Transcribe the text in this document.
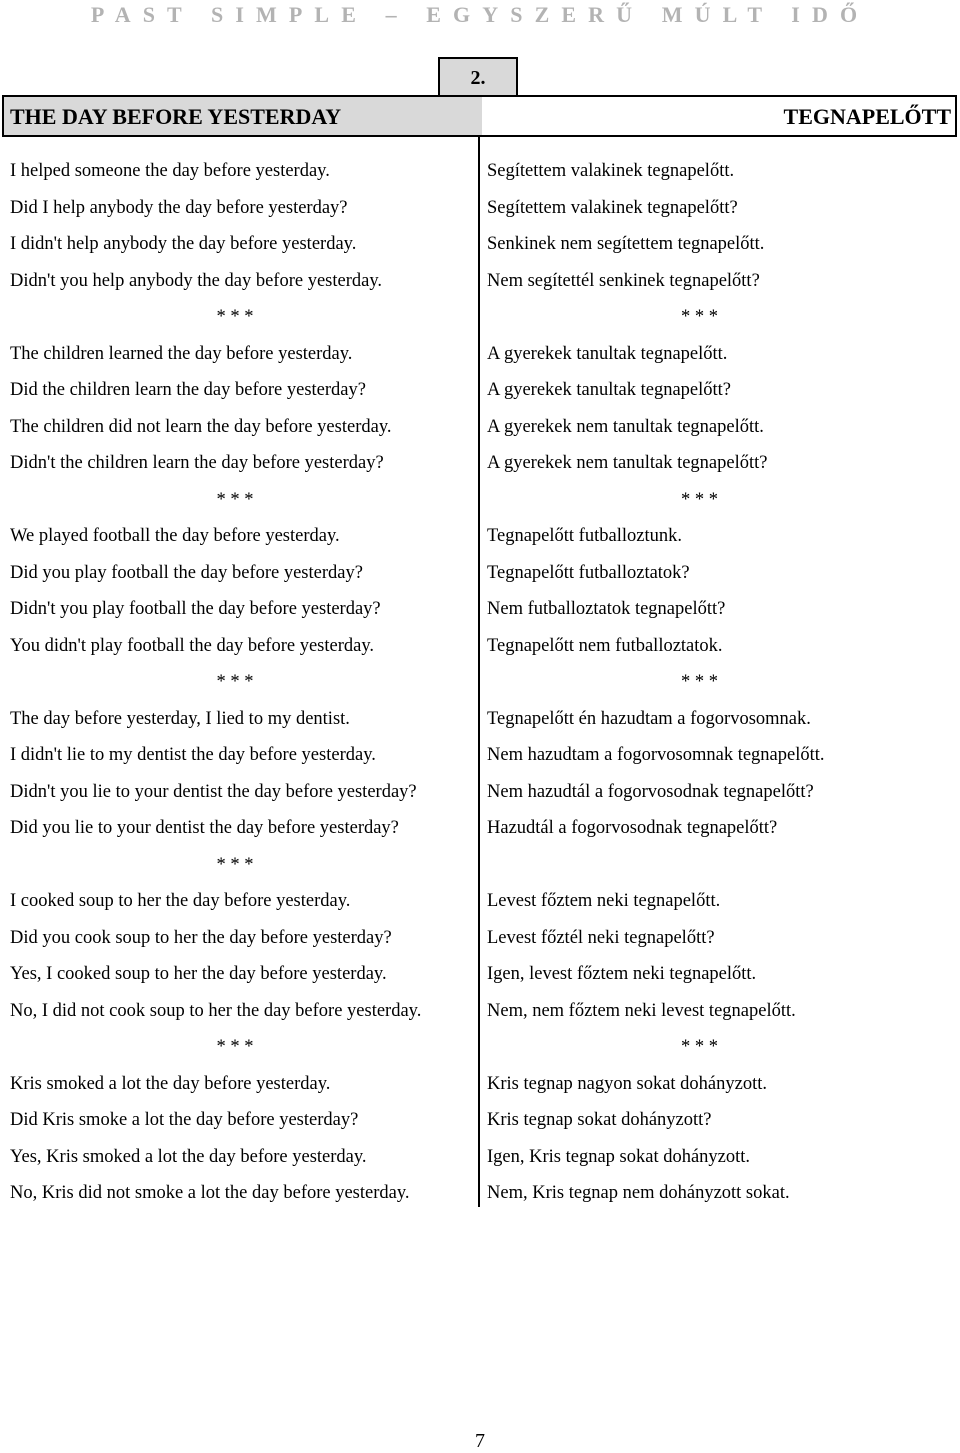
PAST SIMPLE – EGYSZERŰ MÚLT IDŐ
2.
THE DAY BEFORE YESTERDAY	TEGNAPELŐTT
I helped someone the day before yesterday.
Did I help anybody the day before yesterday?
I didn't help anybody the day before yesterday.
Didn't you help anybody the day before yesterday.
* * *
The children learned the day before yesterday.
Did the children learn the day before yesterday?
The children did not learn the day before yesterday.
Didn't the children learn the day before yesterday?
* * *
We played football the day before yesterday.
Did you play football the day before yesterday?
Didn't you play football the day before yesterday?
You didn't play football the day before yesterday.
* * *
The day before yesterday, I lied to my dentist.
I didn't lie to my dentist the day before yesterday.
Didn't you lie to your dentist the day before yesterday?
Did you lie to your dentist the day before yesterday?
* * *
I cooked soup to her the day before yesterday.
Did you cook soup to her the day before yesterday?
Yes, I cooked soup to her the day before yesterday.
No, I did not cook soup to her the day before yesterday.
* * *
Kris smoked a lot the day before yesterday.
Did Kris smoke a lot the day before yesterday?
Yes, Kris smoked a lot the day before yesterday.
No, Kris did not smoke a lot the day before yesterday.
Segítettem valakinek tegnapelőtt.
Segítettem valakinek tegnapelőtt?
Senkinek nem segítettem tegnapelőtt.
Nem segítettél senkinek tegnapelőtt?
* * *
A gyerekek tanultak tegnapelőtt.
A gyerekek tanultak tegnapelőtt?
A gyerekek nem tanultak tegnapelőtt.
A gyerekek nem tanultak tegnapelőtt?
* * *
Tegnapelőtt futballoztunk.
Tegnapelőtt futballoztatok?
Nem futballoztatok tegnapelőtt?
Tegnapelőtt nem futballoztatok.
* * *
Tegnapelőtt én hazudtam a fogorvosomnak.
Nem hazudtam a fogorvosomnak tegnapelőtt.
Nem hazudtál a fogorvosodnak tegnapelőtt?
Hazudtál a fogorvosodnak tegnapelőtt?
Levest főztem neki tegnapelőtt.
Levest főztél neki tegnapelőtt?
Igen, levest főztem neki tegnapelőtt.
Nem, nem főztem neki levest tegnapelőtt.
* * *
Kris tegnap nagyon sokat dohányzott.
Kris tegnap sokat dohányzott?
Igen, Kris tegnap sokat dohányzott.
Nem, Kris tegnap nem dohányzott sokat.
7
